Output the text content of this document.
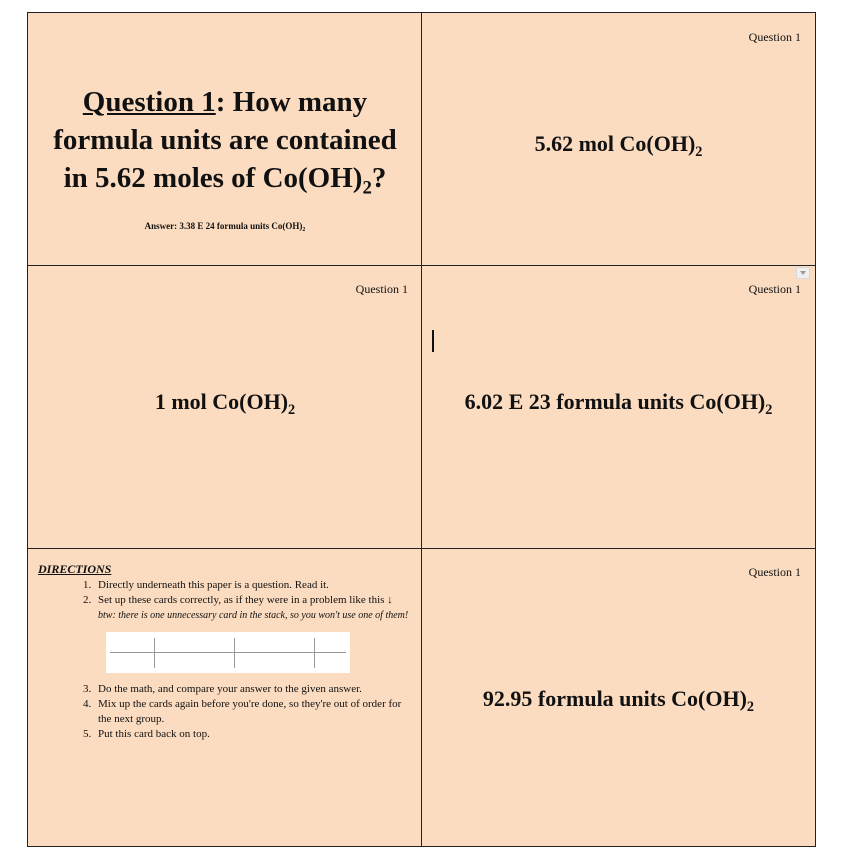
Question 1: How many
formula units are contained
in 5.62 moles of $Co(OH)_2$?
Answer: 3.38 E 24 formula units $Co(OH)_2$
Question 1
5.62 mol $Co(OH)_2$
Question 1
1 mol $Co(OH)_2$
Question 1
6.02 E 23 formula units $Co(OH)_2$
DIRECTIONS
1. Directly underneath this paper is a question. Read it.
2. Set up these cards correctly, as if they were in a problem like this ↓ btw: there is one unnecessary card in the stack, so you won't use one of them!
3. Do the math, and compare your answer to the given answer.
4. Mix up the cards again before you're done, so they're out of order for the next group.
5. Put this card back on top.
Question 1
92.95 formula units $Co(OH)_2$
